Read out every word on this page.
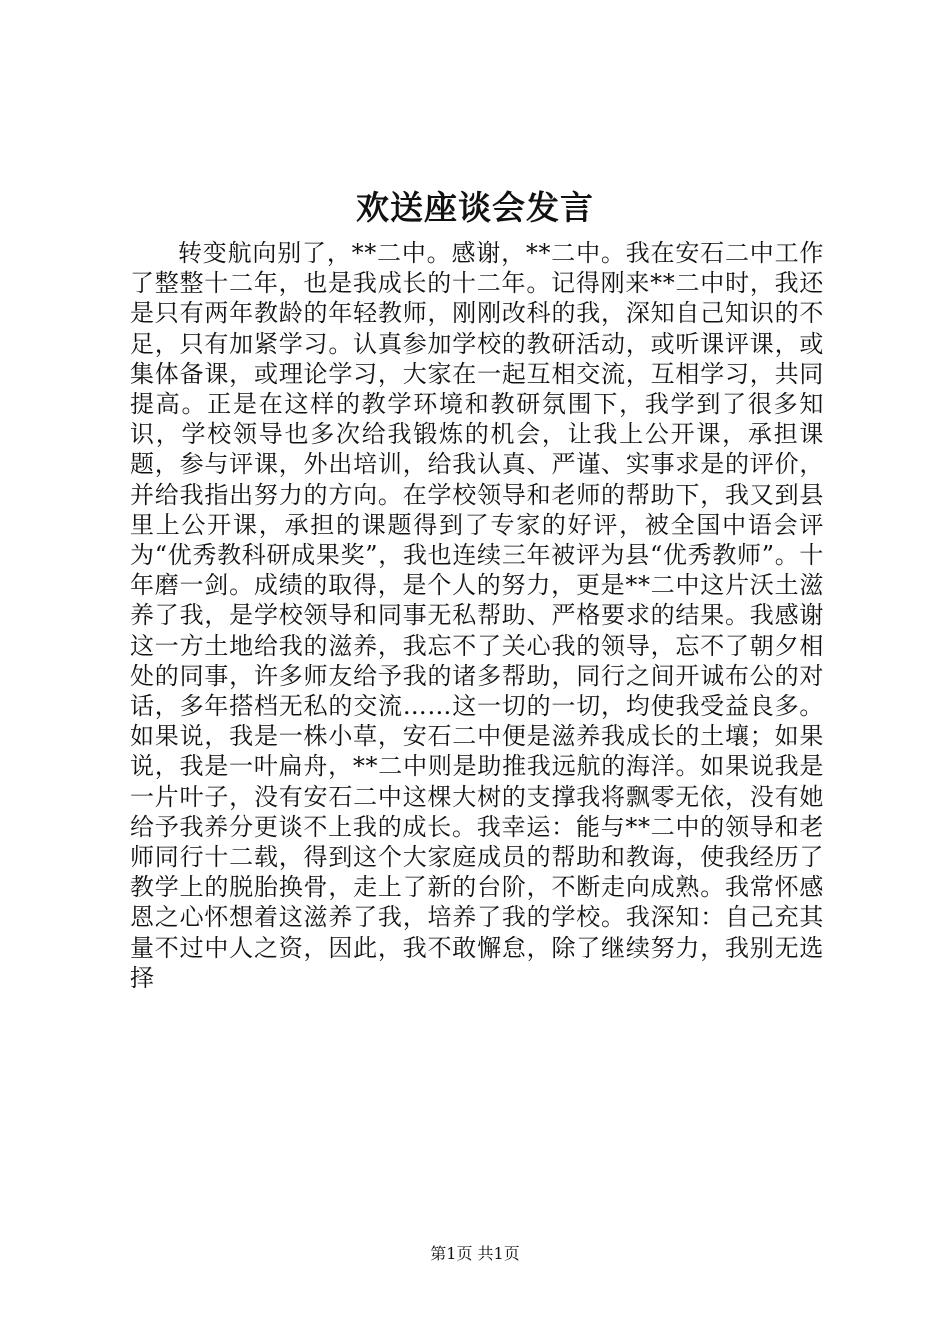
欢送座谈会发言

转变航向别了，**二中。感谢，**二中。我在安石二中工作了整整十二年，也是我成长的十二年。记得刚来**二中时，我还是只有两年教龄的年轻教师，刚刚改科的我，深知自己知识的不足，只有加紧学习。认真参加学校的教研活动，或听课评课，或集体备课，或理论学习，大家在一起互相交流，互相学习，共同提高。正是在这样的教学环境和教研氛围下，我学到了很多知识，学校领导也多次给我锻炼的机会，让我上公开课，承担课题，参与评课，外出培训，给我认真、严谨、实事求是的评价，并给我指出努力的方向。在学校领导和老师的帮助下，我又到县里上公开课，承担的课题得到了专家的好评，被全国中语会评为“优秀教科研成果奖”，我也连续三年被评为县“优秀教师”。十年磨一剑。成绩的取得，是个人的努力，更是**二中这片沃土滋养了我，是学校领导和同事无私帮助、严格要求的结果。我感谢这一方土地给我的滋养，我忘不了关心我的领导，忘不了朝夕相处的同事，许多师友给予我的诸多帮助，同行之间开诚布公的对话，多年搭档无私的交流……这一切的一切，均使我受益良多。如果说，我是一株小草，安石二中便是滋养我成长的土壤；如果说，我是一叶扁舟，**二中则是助推我远航的海洋。如果说我是一片叶子，没有安石二中这棵大树的支撑我将飘零无依，没有她给予我养分更谈不上我的成长。我幸运：能与**二中的领导和老师同行十二载，得到这个大家庭成员的帮助和教诲，使我经历了教学上的脱胎换骨，走上了新的台阶，不断走向成熟。我常怀感恩之心怀想着这滋养了我，培养了我的学校。我深知：自己充其量不过中人之资，因此，我不敢懈怠，除了继续努力，我别无选择

第1页 共1页
